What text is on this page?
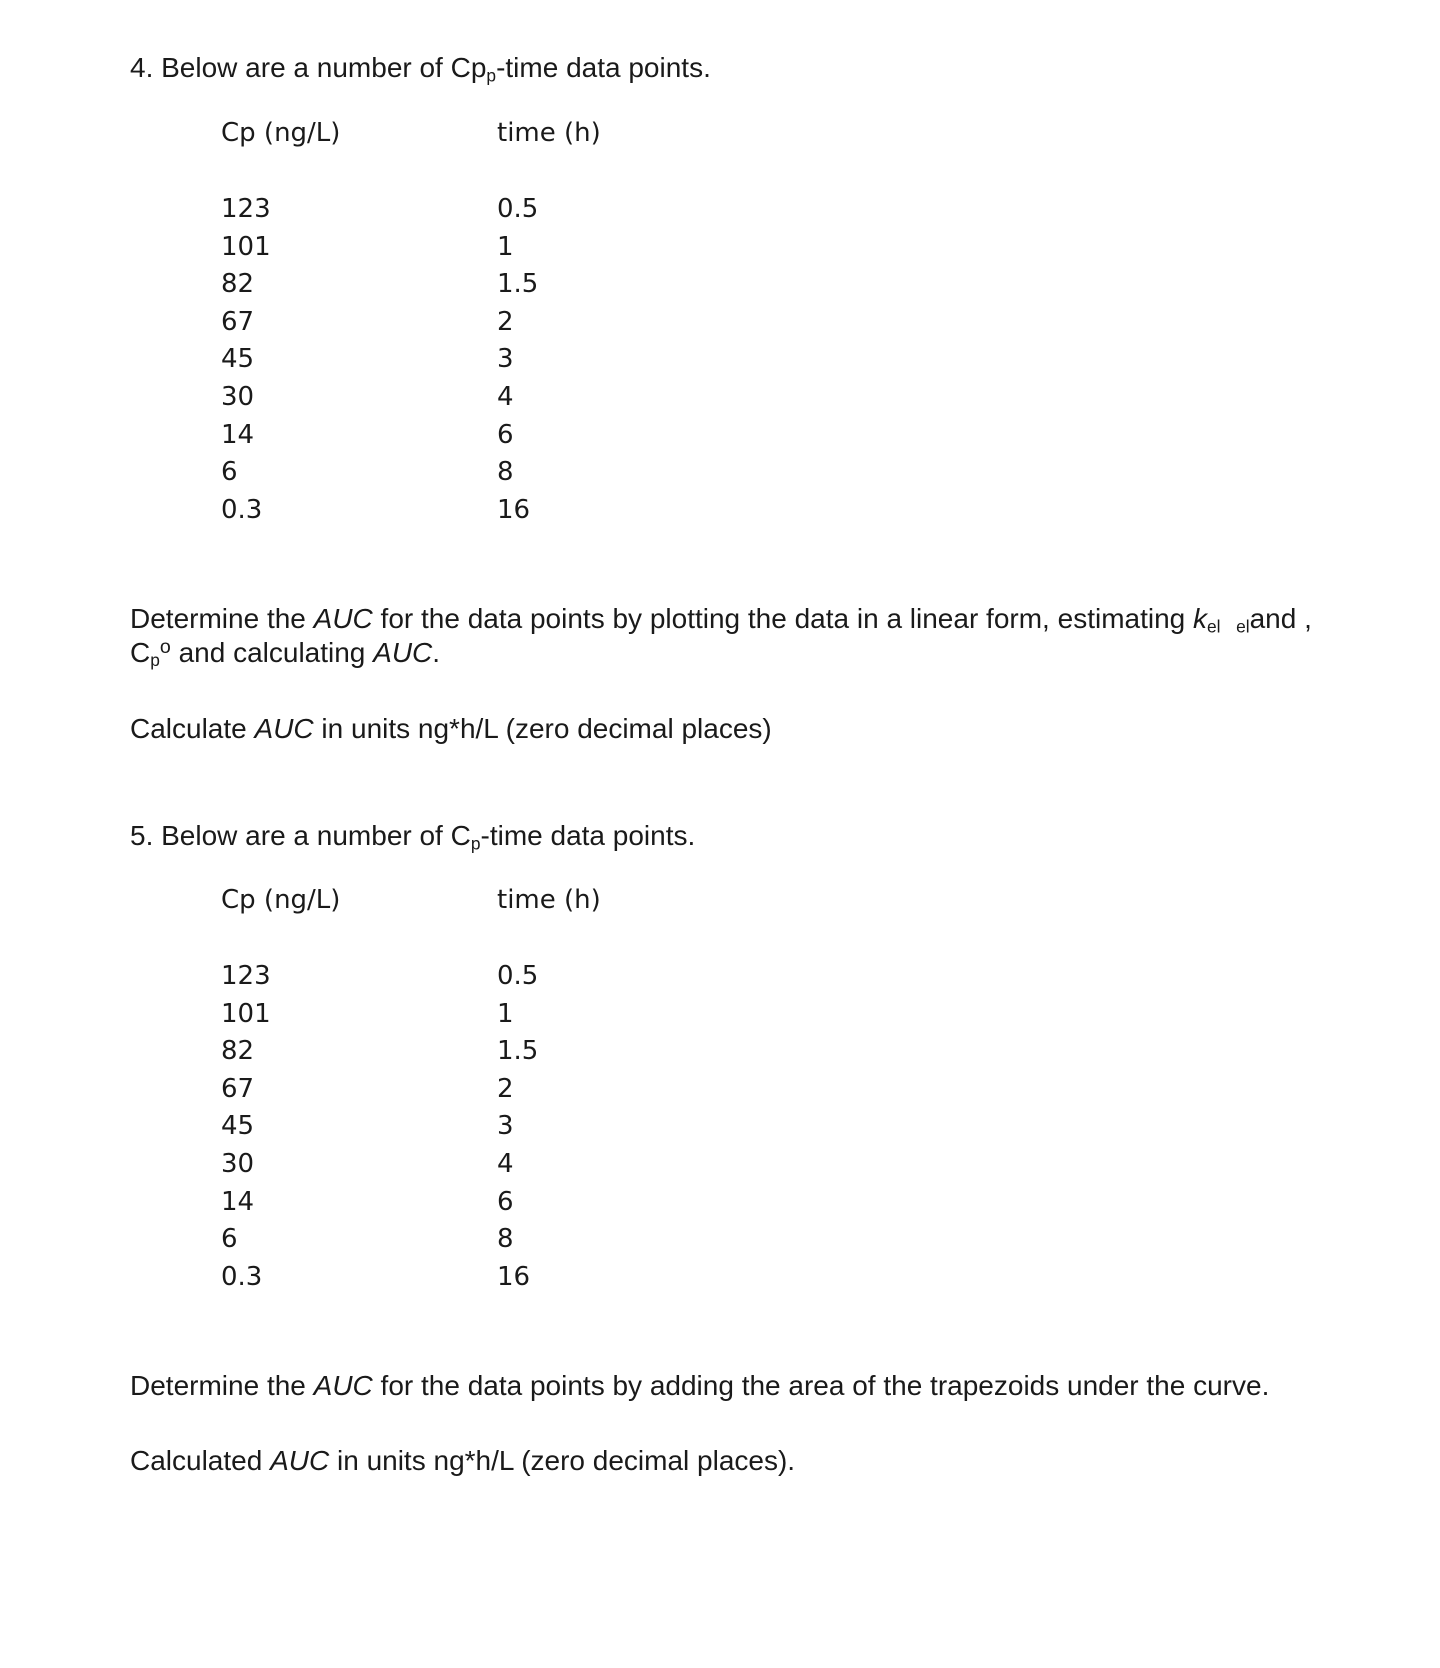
4. Below are a number of $Cp_p$-time data points.
Cp (ng/L)	time (h)
123
101
82
67
45
30
14
6
0.3
0.5
1
1.5
2
3
4
6
8
16
Determine the AUC for the data points by plotting the data in a linear form, estimating kel eland ,
$C_p^o$ and calculating AUC.
Calculate AUC in units ng*h/L (zero decimal places)
5. Below are a number of $C_p$-time data points.
Cp (ng/L)	time (h)
123
101
82
67
45
30
14
6
0.3
0.5
1
1.5
2
3
4
6
8
16
Determine the AUC for the data points by adding the area of the trapezoids under the curve.
Calculated AUC in units ng*h/L (zero decimal places).
